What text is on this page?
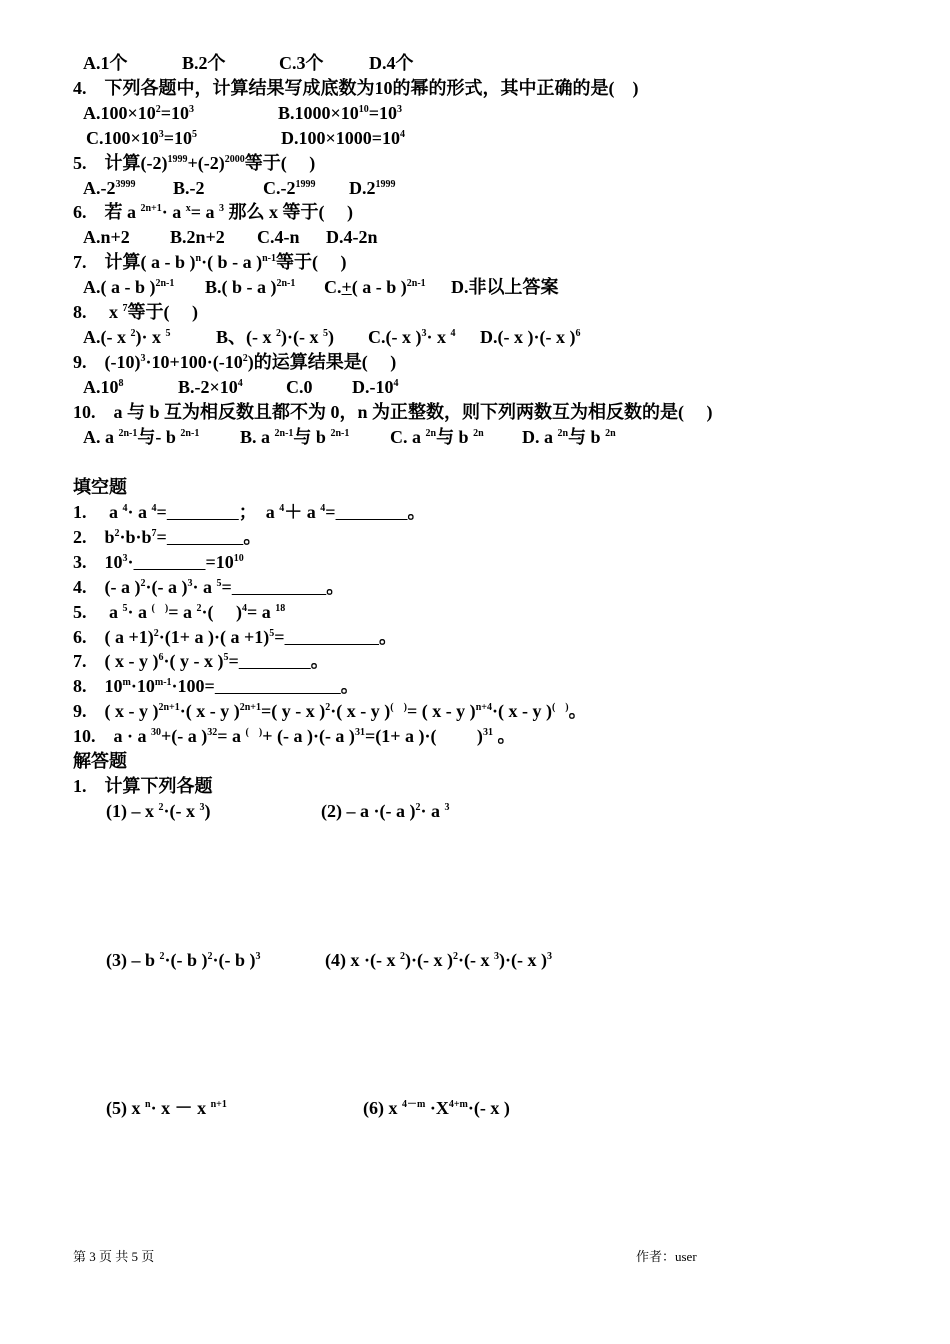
A.1个	B.2个	C.3个	D.4个
4.　下列各题中，计算结果写成底数为10的幂的形式，其中正确的是(　)
$A.100\times 10^2=10^3$	$B.1000\times 10^{10}=10^3$
$C.100\times 10^3=10^5$	$D.100\times 1000=10^4$
5.　计算$(-2)^{1999}+(-2)^{2000}$等于(　 )
$A.-2^{3999}$ B.-2	$C.-2^{1999}$ $D.2^{1999}$
6.　若 a $^{2n+1}$· a $^x$= a $^3$ 那么 x 等于(　 )
A.n+2 B.2n+2 C.4-n D.4-2n
7.　计算( a - b )$^n$·( b - a )$^{n-1}$等于(　 )
A.( a - b )$^{2n-1}$ B.( b - a )$^{2n-1}$ C.+( a - b )$^{2n-1}$ D.非以上答案
8.　 x $^7$等于(　 )
A.(- x $^2$)· x $^5$	B、(- x $^2$)·(- x $^5$) C.(- x )$^3$· x $^4$ D.(- x )·(- x )$^6$
9.　$(-10)^3\cdot 10+100\cdot(-10^2)$的运算结果是(　 )
$A.10^8$	$B.-2\times 10^4$ C.0 $D.-10^4$
10.　a 与 b 互为相反数且都不为 0，n 为正整数，则下列两数互为相反数的是(　 )
A. a $^{2n-1}$与- b $^{2n-1}$ B. a $^{2n-1}$与 b $^{2n-1}$ C. a $^{2n}$与 b $^{2n}$ D. a $^{2n}$与 b $^{2n}$
填空题
1.　 a $^4$· a $^4$=　　　　	；　a $^4$＋ a $^4$=　　　　	。
2.　$b^2\cdot b\cdot b^7=$　　　　	。
3.　$10^3\cdot$　　　　	$=10^{10}$
4.　(- a )$^2$·(- a )$^3$· a $^5$=　　　　　	。
5.　 a $^5$· a (　)= a $^2$·(　 )$^4$= a $^{18}$
6.　( a +1)$^2$·(1+ a )·( a +1)$^5$=　　　　　	。
7.　( x - y )$^6$·( y - x )$^5$=　　　　	。
8.　$10^m\cdot 10^{m-1}\cdot 100=$　　　　　　　	。
9.　( x - y )$^{2n+1}$·( x - y )$^{2n+1}$=( y - x )$^2$·( x - y )(　)= ( x - y )$^{n+4}$·( x - y )(　)。
10.　a · a $^{30}$+(- a )$^{32}$= a (　)+ (- a )·(- a )$^{31}$=(1+ a )·(　　 )$^{31}$ 。
解答题
1.　计算下列各题
(1) – x $^2$·(- x $^3$)	(2) – a ·(- a )$^2$· a $^3$
(3) – b $^2$·(- b )$^2$·(- b )$^3$	(4) x ·(- x $^2$)·(- x )$^2$·(- x $^3$)·(- x )$^3$
(5) x $^n$· x － x $^{n+1}$	(6) x $^{4-m} \cdot X^{4+m}\cdot(-$ x )
第 3 页 共 5 页	作者：user
